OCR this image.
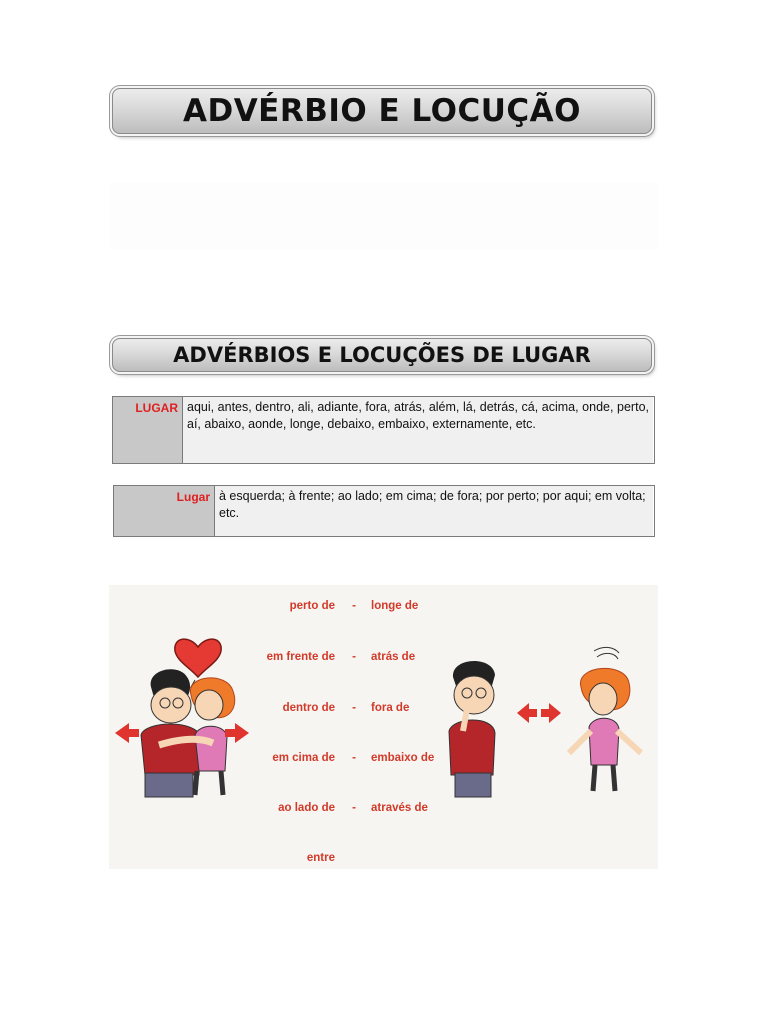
ADVÉRBIO E LOCUÇÃO
ADVÉRBIOS E LOCUÇÕES DE LUGAR
LUGAR aqui, antes, dentro, ali, adiante, fora, atrás, além, lá, detrás, cá, acima, onde, perto, aí, abaixo, aonde, longe, debaixo, embaixo, externamente, etc.
Lugar à esquerda; à frente; ao lado; em cima; de fora; por perto; por aqui; em volta; etc.
perto de - longe de
em frente de - atrás de
dentro de - fora de
em cima de - embaixo de
ao lado de - através de
entre
